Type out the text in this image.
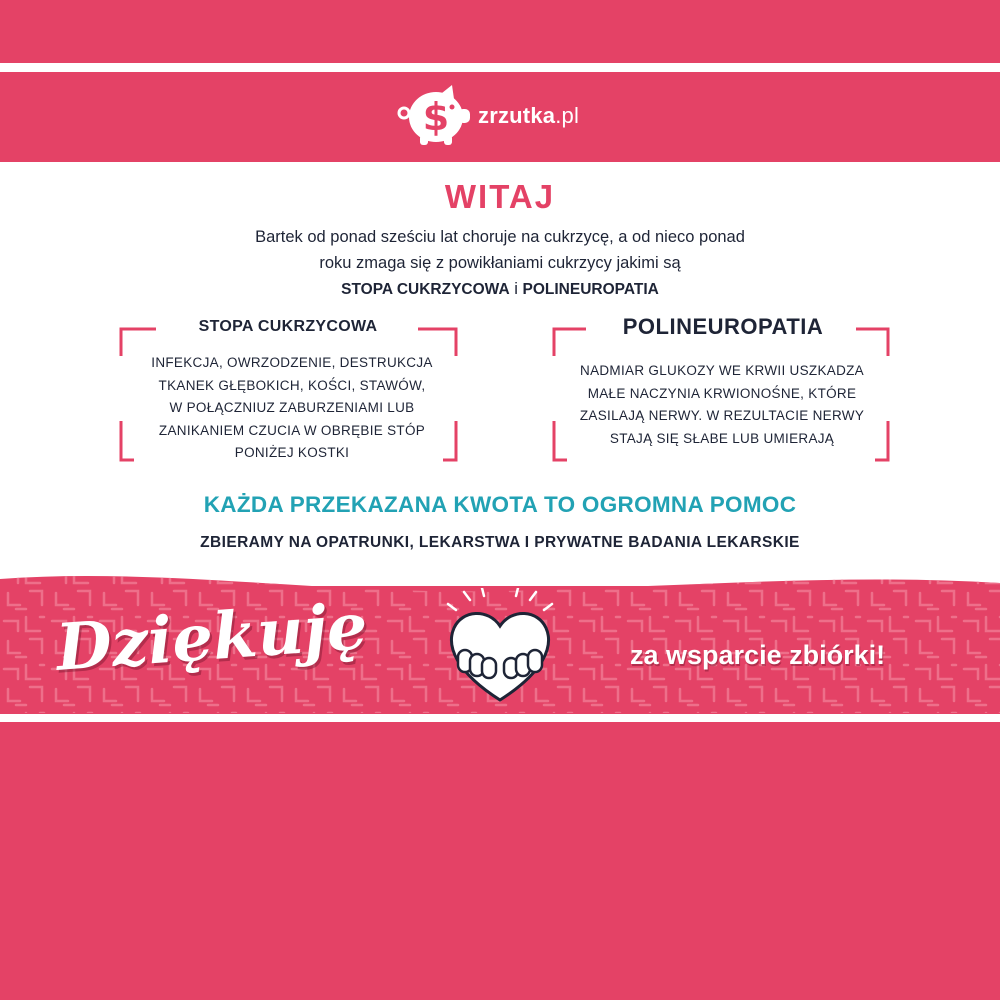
$ zrzutka.pl
WITAJ
Bartek od ponad sześciu lat choruje na cukrzycę, a od nieco ponad
roku zmaga się z powikłaniami cukrzycy jakimi są
STOPA CUKRZYCOWA i POLINEUROPATIA
STOPA CUKRZYCOWA
INFEKCJA, OWRZODZENIE, DESTRUKCJA
TKANEK GŁĘBOKICH, KOŚCI, STAWÓW,
W POŁĄCZNIUZ ZABURZENIAMI LUB
ZANIKANIEM CZUCIA W OBRĘBIE STÓP
PONIŻEJ KOSTKI
POLINEUROPATIA
NADMIAR GLUKOZY WE KRWII USZKADZA
MAŁE NACZYNIA KRWIONOŚNE, KTÓRE
ZASILAJĄ NERWY. W REZULTACIE NERWY
STAJĄ SIĘ SŁABE LUB UMIERAJĄ
KAŻDA PRZEKAZANA KWOTA TO OGROMNA POMOC
ZBIERAMY NA OPATRUNKI, LEKARSTWA I PRYWATNE BADANIA LEKARSKIE
Dziękuję	za wsparcie zbiórki!
